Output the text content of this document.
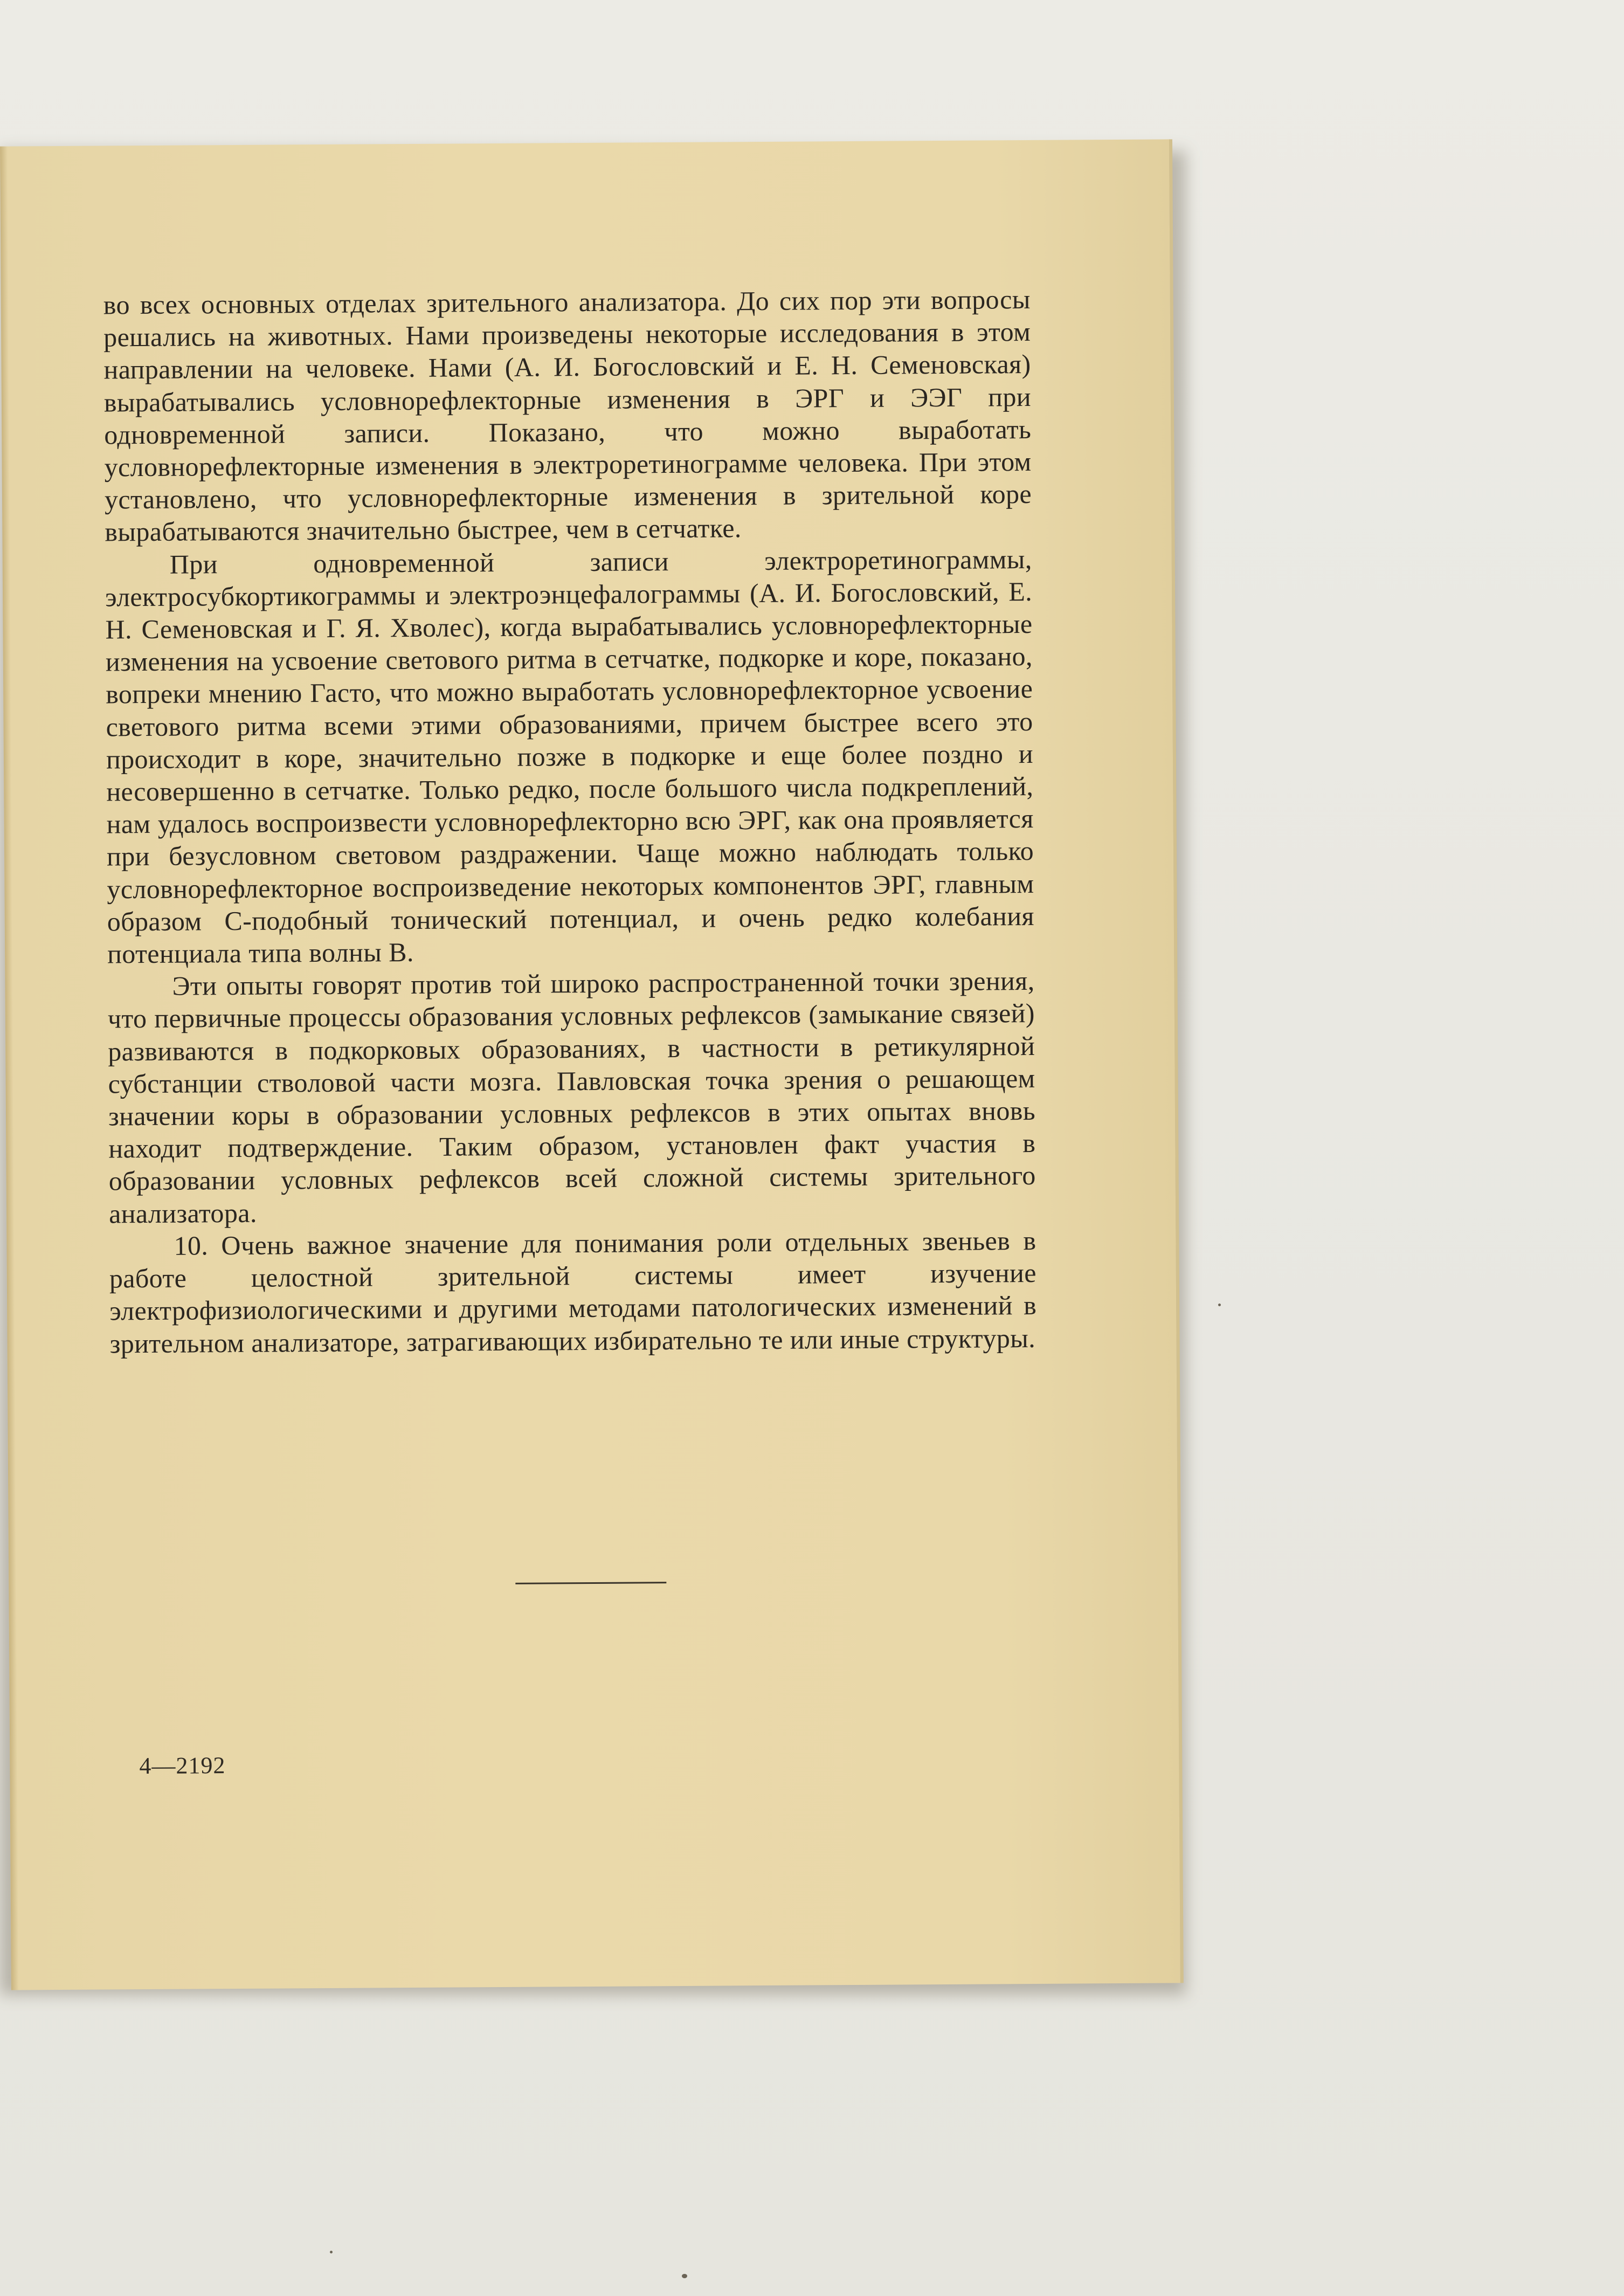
во всех основных отделах зрительного анализатора. До сих пор эти вопросы решались на животных. Нами произведены некоторые исследования в этом направлении на человеке. Нами (А. И. Богословский и Е. Н. Семеновская) вырабатывались условнорефлекторные изменения в ЭРГ и ЭЭГ при одновременной записи. Показано, что можно выработать условнорефлекторные изменения в электроретинограмме человека. При этом установлено, что условнорефлекторные изменения в зрительной коре вырабатываются значительно быстрее, чем в сетчатке.

При одновременной записи электроретинограммы, электросубкортикограммы и электроэнцефалограммы (А. И. Богословский, Е. Н. Семеновская и Г. Я. Хволес), когда вырабатывались условнорефлекторные изменения на усвоение светового ритма в сетчатке, подкорке и коре, показано, вопреки мнению Гасто, что можно выработать условнорефлекторное усвоение светового ритма всеми этими образованиями, причем быстрее всего это происходит в коре, значительно позже в подкорке и еще более поздно и несовершенно в сетчатке. Только редко, после большого числа подкреплений, нам удалось воспроизвести условнорефлекторно всю ЭРГ, как она проявляется при безусловном световом раздражении. Чаще можно наблюдать только условнорефлекторное воспроизведение некоторых компонентов ЭРГ, главным образом С-подобный тонический потенциал, и очень редко колебания потенциала типа волны В.

Эти опыты говорят против той широко распространенной точки зрения, что первичные процессы образования условных рефлексов (замыкание связей) развиваются в подкорковых образованиях, в частности в ретикулярной субстанции стволовой части мозга. Павловская точка зрения о решающем значении коры в образовании условных рефлексов в этих опытах вновь находит подтверждение. Таким образом, установлен факт участия в образовании условных рефлексов всей сложной системы зрительного анализатора.

10. Очень важное значение для понимания роли отдельных звеньев в работе целостной зрительной системы имеет изучение электрофизиологическими и другими методами патологических изменений в зрительном анализаторе, затрагивающих избирательно те или иные структуры.

4—2192
